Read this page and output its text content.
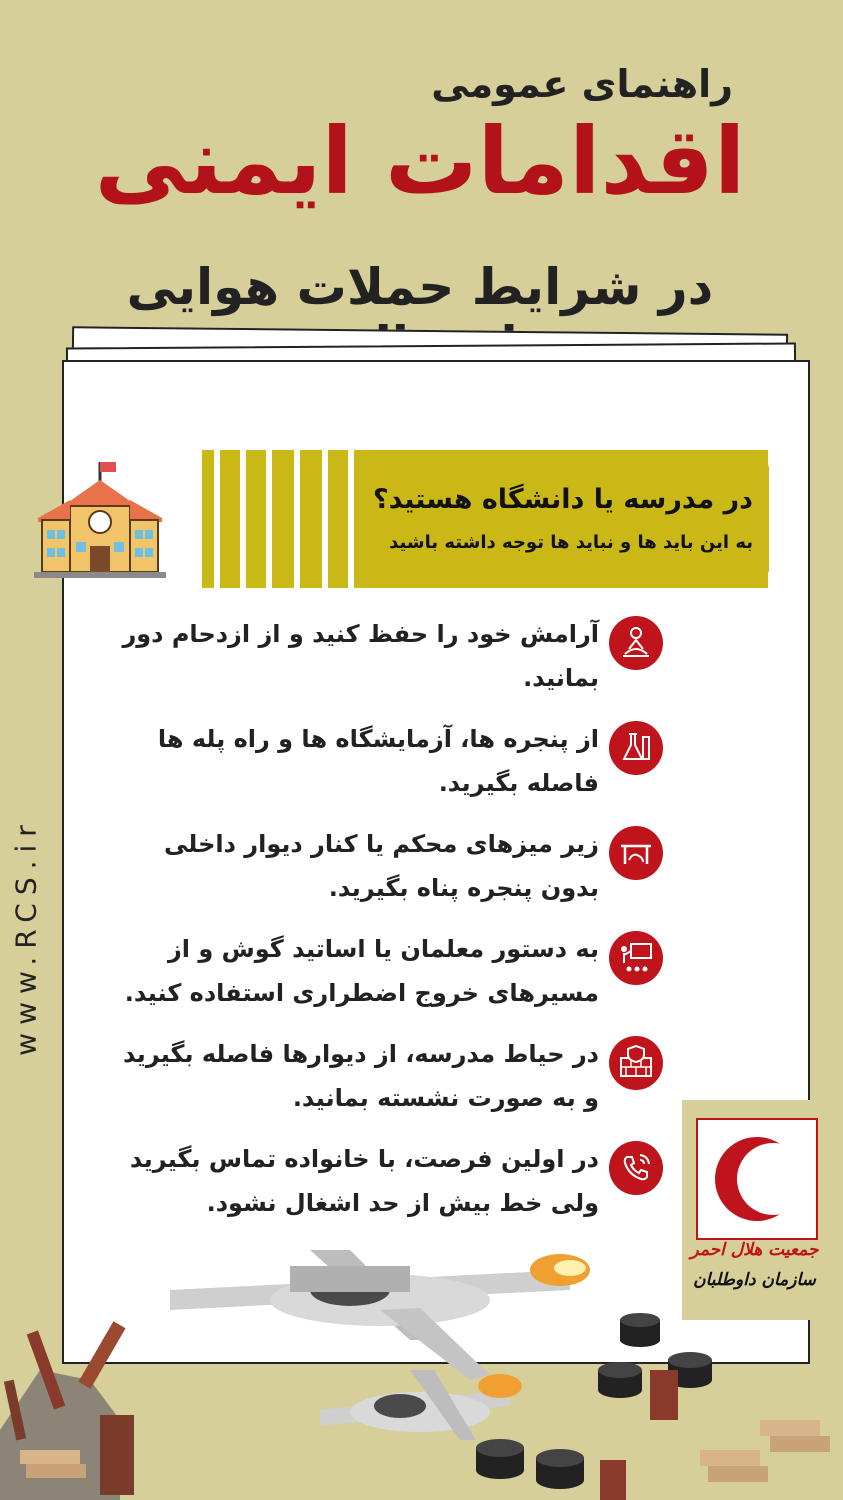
راهنمای عمومی
اقدامات ایمنی
در شرایط حملات هوایی
در مدرسه یا دانشگاه هستید؟
به این باید ها و نباید ها توجه داشته باشید
آرامش خود را حفظ کنید و از ازدحام دور بمانید.
از پنجره ها، آزمایشگاه ها و راه پله ها فاصله بگیرید.
زیر میزهای محکم یا کنار دیوار داخلی بدون پنجره پناه بگیرید.
به دستور معلمان یا اساتید گوش و از مسیرهای خروج اضطراری استفاده کنید.
در حیاط مدرسه، از دیوارها فاصله بگیرید و به صورت نشسته بمانید.
در اولین فرصت، با خانواده تماس بگیرید ولی خط بیش از حد اشغال نشود.
www.RCS.ir
جمعیت هلال احمر
سازمان داوطلبان
